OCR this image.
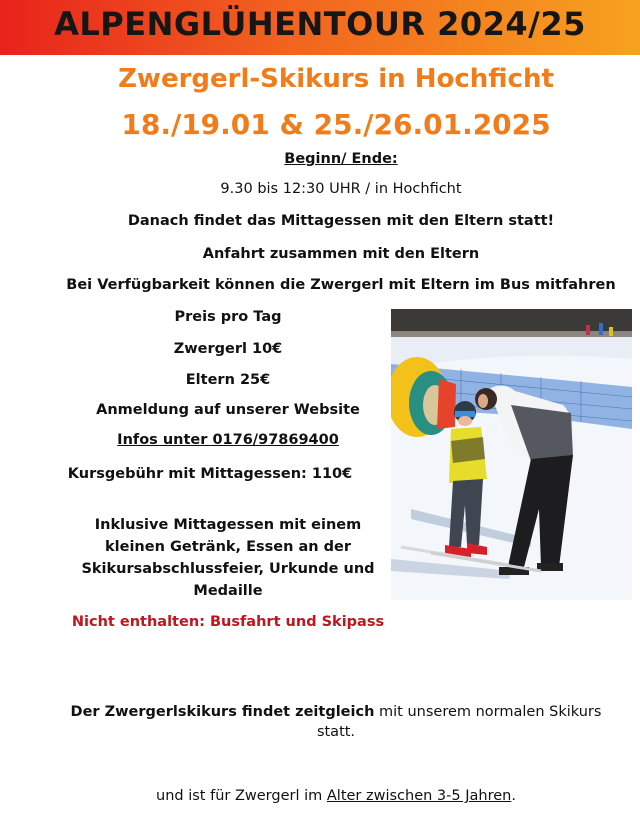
ALPENGLÜHENTOUR 2024/25
Zwergerl-Skikurs in Hochficht
18./19.01 & 25./26.01.2025
Beginn/ Ende:
9.30 bis 12:30 UHR / in Hochficht
Danach findet das Mittagessen mit den Eltern statt!
Anfahrt zusammen mit den Eltern
Bei Verfügbarkeit können die Zwergerl mit Eltern im Bus mitfahren
Preis pro Tag
Zwergerl 10€
Eltern 25€
Anmeldung auf unserer Website
Infos unter 0176/97869400
Kursgebühr mit Mittagessen: 110€
Inklusive Mittagessen mit einem
kleinen Getränk, Essen an der
Skikursabschlussfeier, Urkunde und
Medaille
Nicht enthalten: Busfahrt und Skipass
Der Zwergerlskikurs findet zeitgleich mit unserem normalen Skikurs
statt.
und ist für Zwergerl im Alter zwischen 3-5 Jahren.
